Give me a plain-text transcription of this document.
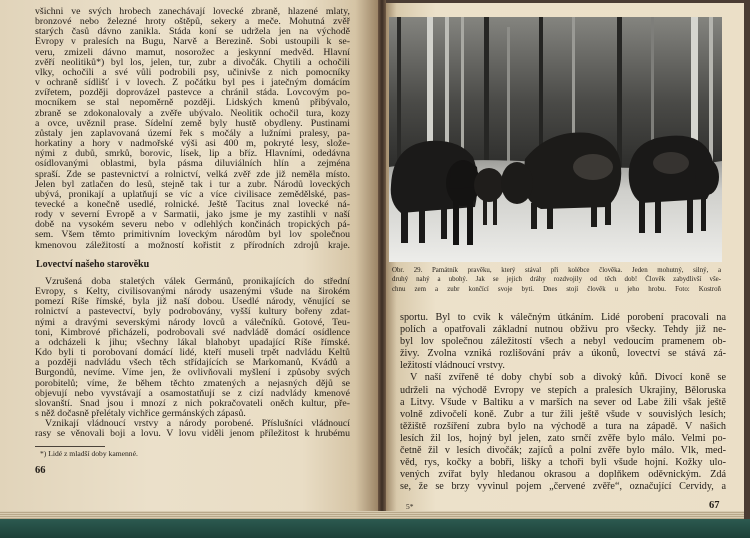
všichni ve svých hrobech zanechávají lovecké zbraně, hlazené mlaty,
bronzové nebo železné hroty oštěpů, sekery a meče. Mohutná zvěř
starých časů dávno zanikla. Stáda koní se udržela jen na východě
Evropy v pralesích na Bugu, Narvě a Berezině. Sobi ustoupili k se-
veru, zmizeli dávno mamut, nosorožec a jeskynní medvěd. Hlavní
zvěří neolitiků*) byl los, jelen, tur, zubr a divočák. Chytili a ochočili
vlky, ochočili a své vůli podrobili psy, učinivše z nich pomocníky
v ochraně sídlišť i v lovech. Z počátku byl pes i jatečným domácím
zvířetem, později doprovázel pastevce a chránil stáda. Lovcovým po-
mocníkem se stal nepoměrně později. Lidských kmenů přibývalo,
zbraně se zdokonalovaly a zvěře ubývalo. Neolitik ochočil tura, kozy
a ovce, uvěznil prase. Sídelní země byly hustě obydleny. Pustinami
zůstaly jen zaplavovaná území řek s močály a lužními pralesy, pa-
horkatiny a hory v nadmořské výši asi 400 m, pokryté lesy, slože-
nými z dubů, smrků, borovic, lísek, lip a bříz. Hlavními, odedávna
osídlovanými oblastmi, byla pásma diluviálních hlín a zejména
spraší. Zde se pastevnictví a rolnictví, velká zvěř zde již neměla místo.
Jelen byl zatlačen do lesů, stejně tak i tur a zubr. Národů loveckých
ubývá, pronikají a uplatňují se víc a více civilisace zemědělské, pas-
tevecké a konečně usedlé, rolnické. Ještě Tacitus znal lovecké ná-
rody v severní Evropě a v Sarmatii, jako jsme je my zastihli v naší
době na vysokém severu nebo v odlehlých končinách tropických pá-
sem. Všem těmto primitivním loveckým národům byl lov společnou
kmenovou záležitostí a možností kořistit z přírodních zdrojů kraje.
Lovectví našeho starověku
Vzrušená doba staletých válek Germánů, pronikajících do střední
Evropy, s Kelty, civilisovanými národy usazenými všude na širokém
pomezí Říše římské, byla již naší dobou. Usedlé národy, věnující se
rolnictví a pastevectví, byly podrobovány, vyšší kultury bořeny zdat-
nými a dravými severskými národy lovců a válečníků. Gotové, Teu-
toni, Kimbrové přicházeli, podrobovali své nadvládě domácí osídlence
a odcházeli k jihu; všechny lákal blahobyt upadající Říše římské.
Kdo byli ti porobovaní domácí lidé, kteří museli trpět nadvládu Keltů
a později nadvládu všech těch střídajících se Markomanů, Kvádů a
Burgondů, nevíme. Víme jen, že ovlivňovali myšlení i způsoby svých
porobitelů; víme, že během těchto zmatených a nejasných dějů se
objevují nebo vyvstávají a osamostatňují se z cizí nadvlády kmenové
slovanští. Snad jsou i mnozí z nich pokračovateli oněch kultur, pře-
s něž dočasně přelétaly vichřice germánských zápasů.
Vznikají vládnoucí vrstvy a národy porobené. Příslušníci vládnoucí
rasy se věnovali boji a lovu. V lovu viděli jenom příležitost k hrubému
*) Lidé z mladší doby kamenné.
66
Obr. 29. Památník pravěku, který stával při kolébce člověka. Jeden mohutný, silný, a
druhý nahý a ubohý. Jak se jejich dráhy rozdvojily od těch dob! Člověk zabydlivší vše-
chnu zem a zubr končící svoje bytí. Dnes stojí člověk u jeho hrobu. Foto: Kostroň
sportu. Byl to cvik k válečným útkáním. Lidé porobení pracovali na
polích a opatřovali základní nutnou obživu pro všecky. Tehdy již ne-
byl lov společnou záležitostí všech a nebyl vedoucím pramenem ob-
živy. Zvolna vzniká rozlišování práv a úkonů, lovectví se stává zá-
ležitostí vládnoucí vrstvy.
V naší zvířeně té doby chybí sob a divoký kůň. Divocí koně se
udrželi na východě Evropy ve stepích a pralesích Ukrajiny, Běloruska
a Litvy. Všude v Baltiku a v marších na sever od Labe žili však ještě
volně zdivočelí koně. Zubr a tur žili ještě všude v souvislých lesích;
těžiště rozšíření zubra bylo na východě a tura na západě. V našich
lesích žil los, hojný byl jelen, zato srnčí zvěře bylo málo. Velmi po-
četně žil v lesích divočák; zajíců a polní zvěře bylo málo. Vlk, med-
věd, rys, kočky a bobři, lišky a tchoři byli všude hojní. Kožky ulo-
vených zvířat byly hledanou okrasou a doplňkem oděvnickým. Zdá
se, že se brzy vyvinul pojem „červené zvěře“, označující Cervidy, a
5*	67
